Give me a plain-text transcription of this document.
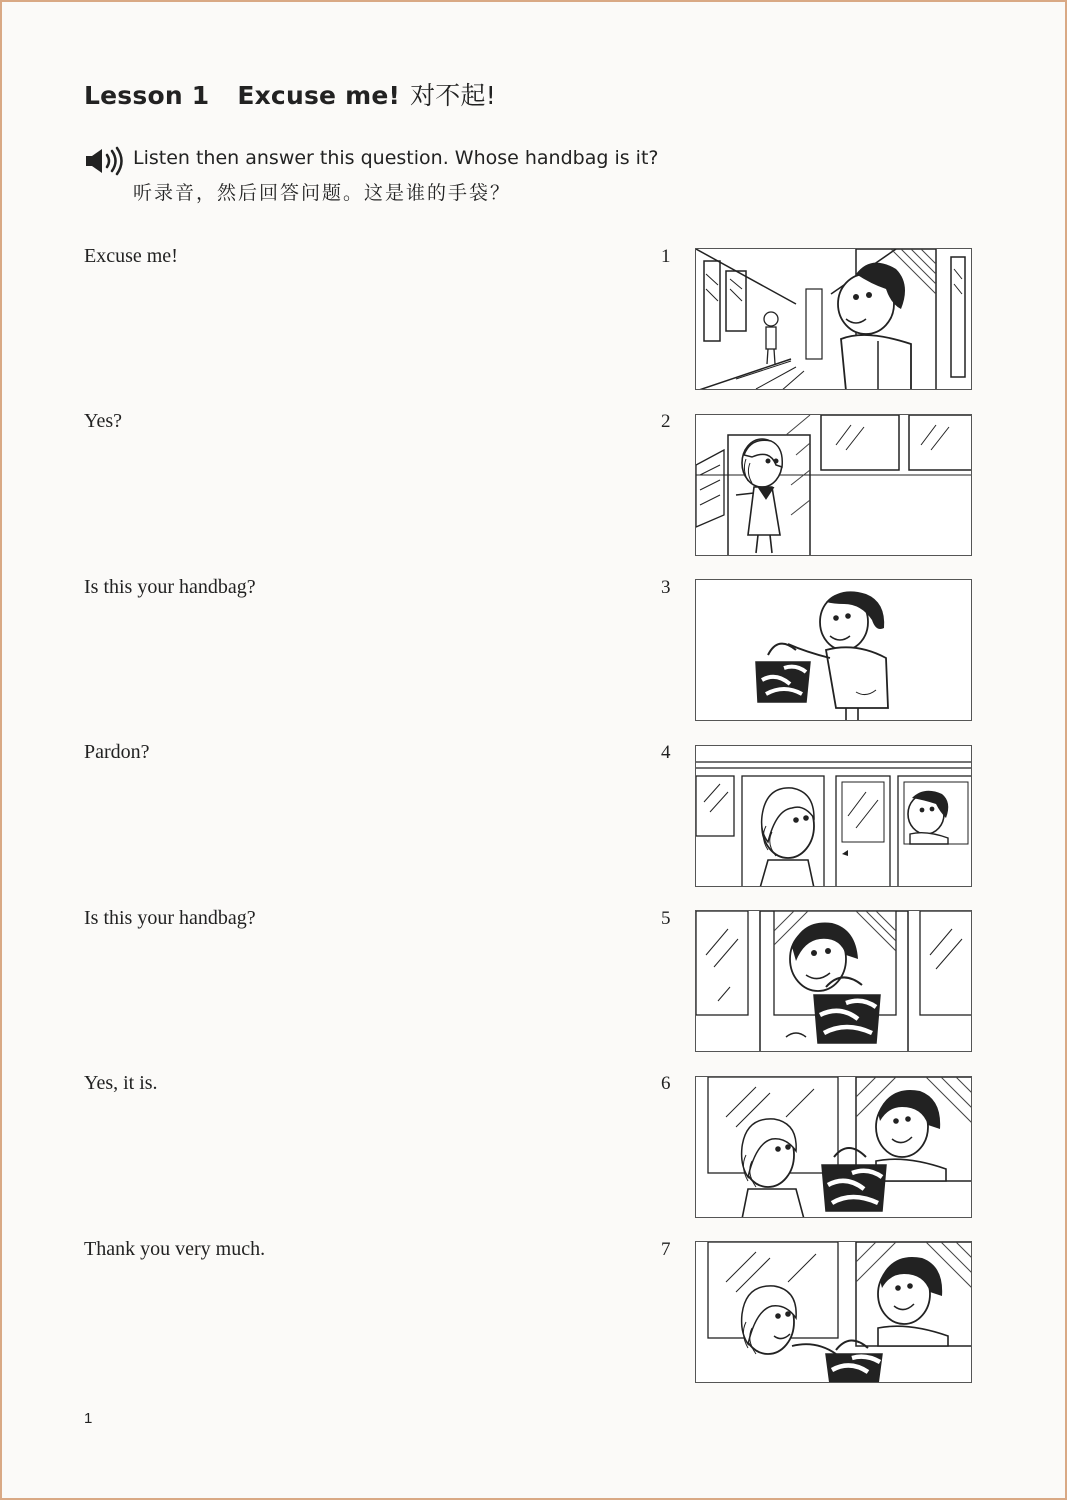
Lesson 1 Excuse me! 对不起!
Listen then answer this question. Whose handbag is it?
听录音，然后回答问题。这是谁的手袋？
Excuse me!	1
Yes?	2
Is this your handbag?	3
Pardon?	4
Is this your handbag?	5
Yes, it is.	6
Thank you very much.	7
1
